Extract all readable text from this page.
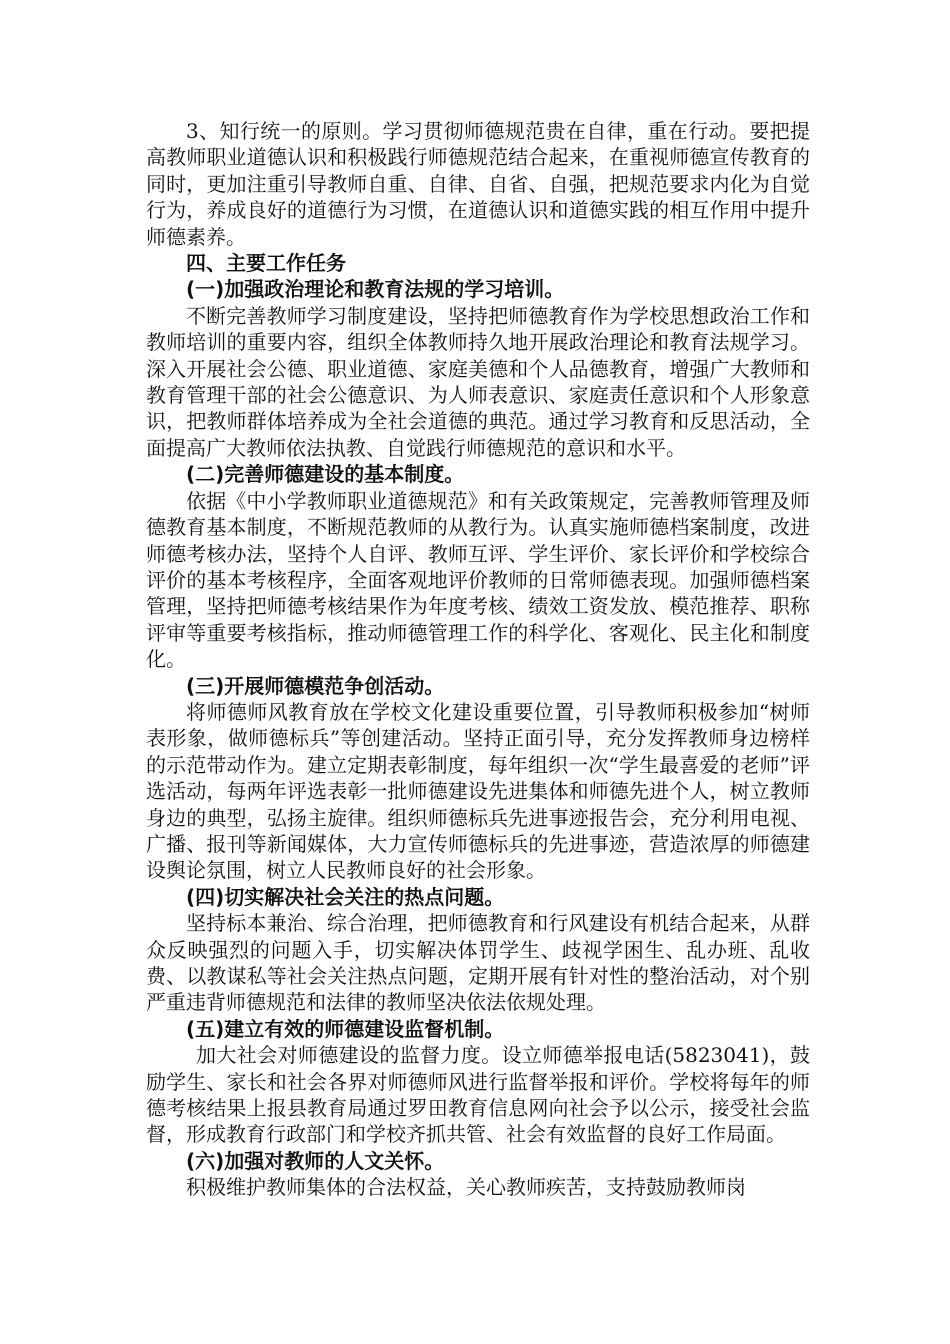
3、知行统一的原则。学习贯彻师德规范贵在自律，重在行动。要把提高教师职业道德认识和积极践行师德规范结合起来，在重视师德宣传教育的同时，更加注重引导教师自重、自律、自省、自强，把规范要求内化为自觉行为，养成良好的道德行为习惯，在道德认识和道德实践的相互作用中提升师德素养。

四、主要工作任务

(一)加强政治理论和教育法规的学习培训。

不断完善教师学习制度建设，坚持把师德教育作为学校思想政治工作和教师培训的重要内容，组织全体教师持久地开展政治理论和教育法规学习。深入开展社会公德、职业道德、家庭美德和个人品德教育，增强广大教师和教育管理干部的社会公德意识、为人师表意识、家庭责任意识和个人形象意识，把教师群体培养成为全社会道德的典范。通过学习教育和反思活动，全面提高广大教师依法执教、自觉践行师德规范的意识和水平。

(二)完善师德建设的基本制度。

依据《中小学教师职业道德规范》和有关政策规定，完善教师管理及师德教育基本制度，不断规范教师的从教行为。认真实施师德档案制度，改进师德考核办法，坚持个人自评、教师互评、学生评价、家长评价和学校综合评价的基本考核程序，全面客观地评价教师的日常师德表现。加强师德档案管理，坚持把师德考核结果作为年度考核、绩效工资发放、模范推荐、职称评审等重要考核指标，推动师德管理工作的科学化、客观化、民主化和制度化。

(三)开展师德模范争创活动。

将师德师风教育放在学校文化建设重要位置，引导教师积极参加“树师表形象，做师德标兵”等创建活动。坚持正面引导，充分发挥教师身边榜样的示范带动作为。建立定期表彰制度，每年组织一次“学生最喜爱的老师”评选活动，每两年评选表彰一批师德建设先进集体和师德先进个人，树立教师身边的典型，弘扬主旋律。组织师德标兵先进事迹报告会，充分利用电视、广播、报刊等新闻媒体，大力宣传师德标兵的先进事迹，营造浓厚的师德建设舆论氛围，树立人民教师良好的社会形象。

(四)切实解决社会关注的热点问题。

坚持标本兼治、综合治理，把师德教育和行风建设有机结合起来，从群众反映强烈的问题入手，切实解决体罚学生、歧视学困生、乱办班、乱收费、以教谋私等社会关注热点问题，定期开展有针对性的整治活动，对个别严重违背师德规范和法律的教师坚决依法依规处理。

(五)建立有效的师德建设监督机制。

加大社会对师德建设的监督力度。设立师德举报电话(5823041)，鼓励学生、家长和社会各界对师德师风进行监督举报和评价。学校将每年的师德考核结果上报县教育局通过罗田教育信息网向社会予以公示，接受社会监督，形成教育行政部门和学校齐抓共管、社会有效监督的良好工作局面。

(六)加强对教师的人文关怀。

积极维护教师集体的合法权益，关心教师疾苦，支持鼓励教师岗
